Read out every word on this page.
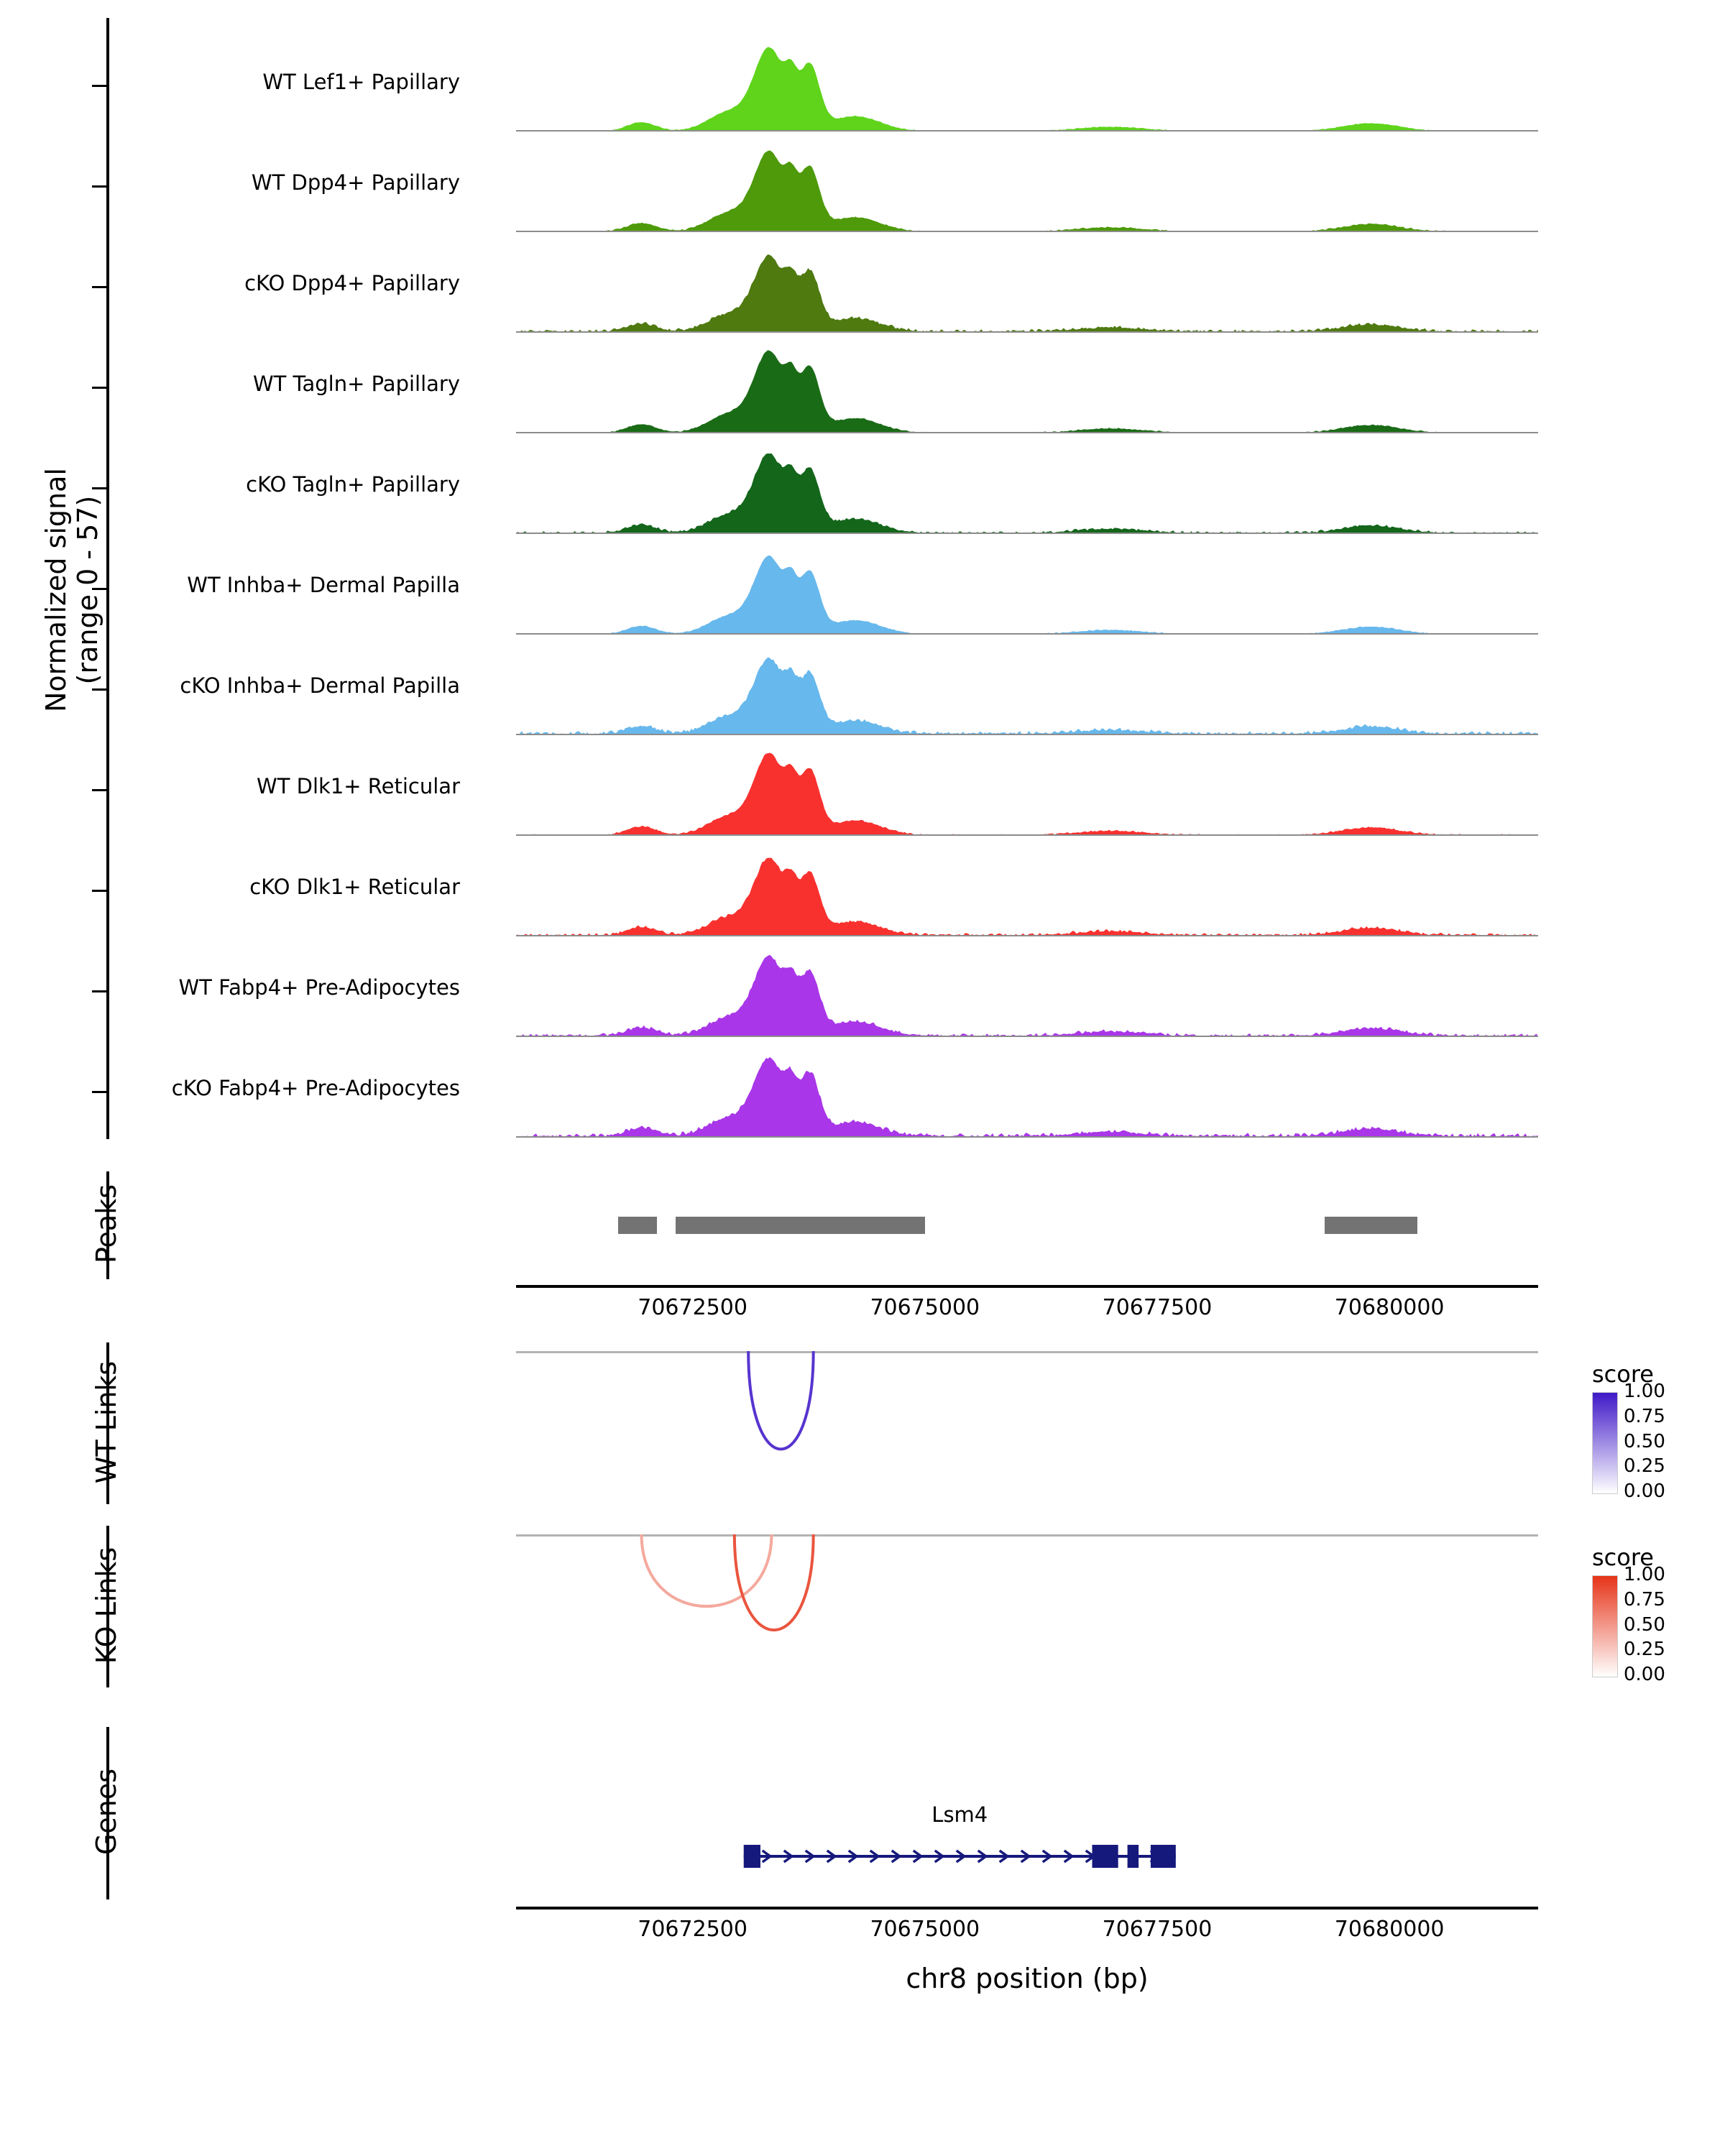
WT Lef1+ Papillary
WT Dpp4+ Papillary
cKO Dpp4+ Papillary
WT Tagln+ Papillary
cKO Tagln+ Papillary
WT Inhba+ Dermal Papilla
cKO Inhba+ Dermal Papilla
WT Dlk1+ Reticular
cKO Dlk1+ Reticular
WT Fabp4+ Pre-Adipocytes
cKO Fabp4+ Pre-Adipocytes
Normalized signal
(range 0 - 57)
Peaks
70672500	70675000	70677500	70680000
WT Links
KO Links
score
1.00
0.75
0.50
0.25
0.00
score
1.00
0.75
0.50
0.25
0.00
Genes	Lsm4
70672500	70675000	70677500	70680000
chr8 position (bp)
